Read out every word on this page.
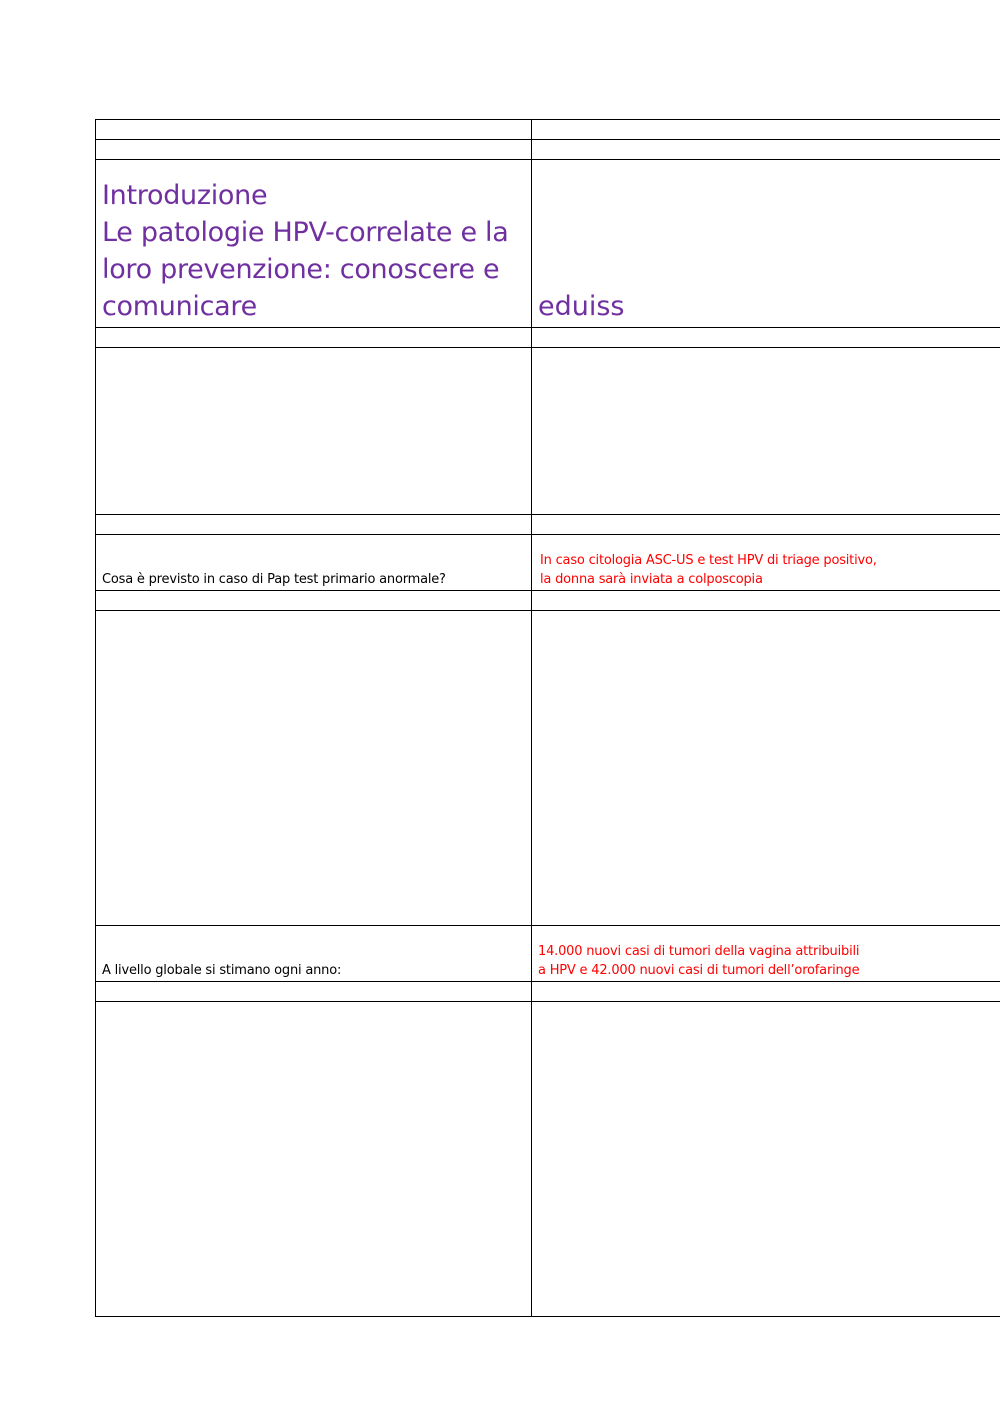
Introduzione
Le patologie HPV-correlate e la
loro prevenzione: conoscere e
comunicare	eduiss

Cosa è previsto in caso di Pap test primario anormale?	In caso citologia ASC-US e test HPV di triage positivo,
la donna sarà inviata a colposcopia

A livello globale si stimano ogni anno:	14.000 nuovi casi di tumori della vagina attribuibili
a HPV e 42.000 nuovi casi di tumori dell’orofaringe
